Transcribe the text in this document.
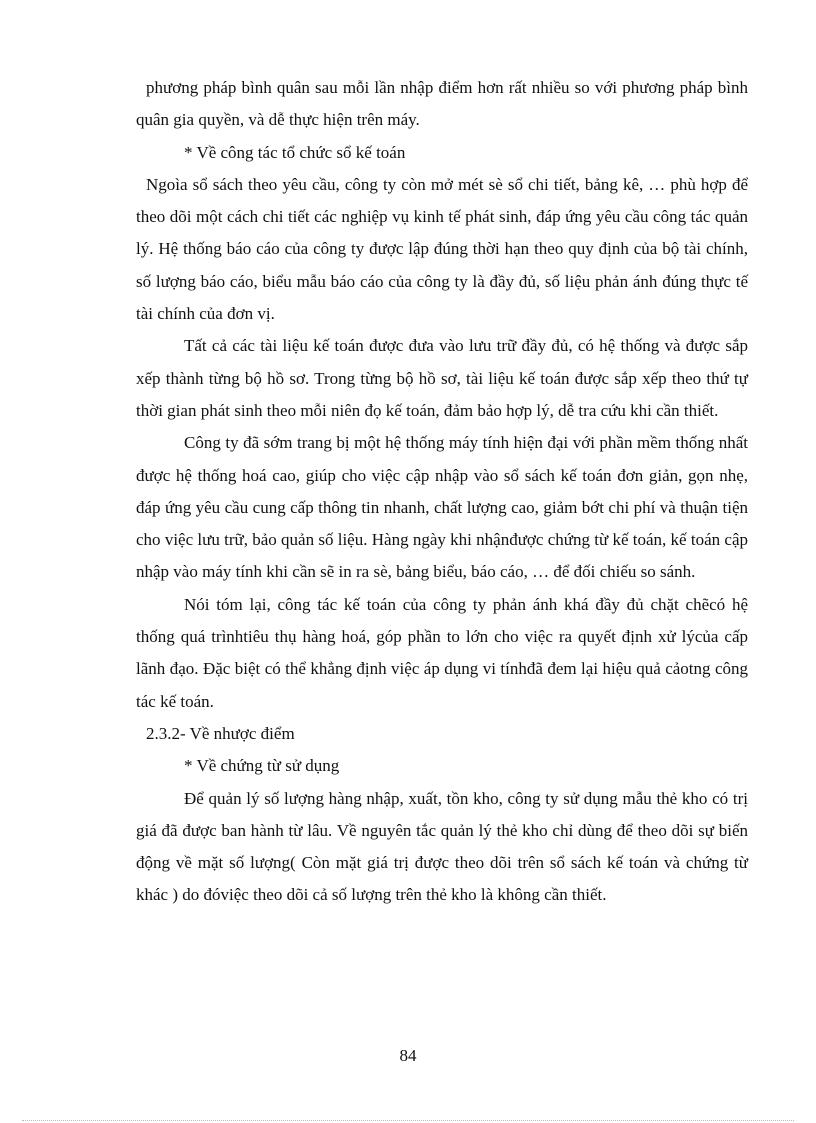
phương pháp bình quân sau mỗi lần nhập điểm hơn rất nhiều so với phương pháp bình quân gia quyền, và dễ thực hiện trên máy.

* Về công tác tổ chức sổ kế toán

Ngoìa sổ sách theo yêu cầu, công ty còn mở mét sè sổ chi tiết, bảng kê, … phù hợp để theo dõi một cách chi tiết các nghiệp vụ kinh tế phát sinh, đáp ứng yêu cầu công tác quản lý. Hệ thống báo cáo của công ty được lập đúng thời hạn theo quy định của bộ tài chính, số lượng báo cáo, biểu mẫu báo cáo của công ty là đầy đủ, số liệu phản ánh đúng thực tế tài chính của đơn vị.

Tất cả các tài liệu kế toán được đưa vào lưu trữ đầy đủ, có hệ thống và được sắp xếp thành từng bộ hồ sơ. Trong từng bộ hồ sơ, tài liệu kế toán được sắp xếp theo thứ tự thời gian phát sinh theo mỗi niên đọ kế toán, đảm bảo hợp lý, dễ tra cứu khi cần thiết.

Công ty đã sớm trang bị một hệ thống máy tính hiện đại với phần mềm thống nhất được hệ thống hoá cao, giúp cho việc cập nhập vào sổ sách kế toán đơn giản, gọn nhẹ, đáp ứng yêu cầu cung cấp thông tin nhanh, chất lượng cao, giảm bớt chi phí và thuận tiện cho việc lưu trữ, bảo quản số liệu. Hàng ngày khi nhậnđược chứng từ kế toán, kế toán cập nhập vào máy tính khi cần sẽ in ra sè, bảng biểu, báo cáo, … để đối chiếu so sánh.

Nói tóm lại, công tác kế toán của công ty phản ánh khá đầy đủ chặt chẽcó hệ thống quá trìnhtiêu thụ hàng hoá, góp phần to lớn cho việc ra quyết định xử lýcủa cấp lãnh đạo. Đặc biệt có thể khẳng định việc áp dụng vi tínhđã đem lại hiệu quả cảotng công tác kế toán.

2.3.2- Về nhược điểm

* Về chứng từ sử dụng

Để quản lý số lượng hàng nhập, xuất, tồn kho, công ty sử dụng mẫu thẻ kho có trị giá đã được ban hành từ lâu. Về nguyên tắc quản lý thẻ kho chỉ dùng để theo dõi sự biến động về mặt số lượng( Còn mặt giá trị được theo dõi trên sổ sách kế toán và chứng từ khác ) do đóviệc theo dõi cả số lượng trên thẻ kho là không cần thiết.

84
